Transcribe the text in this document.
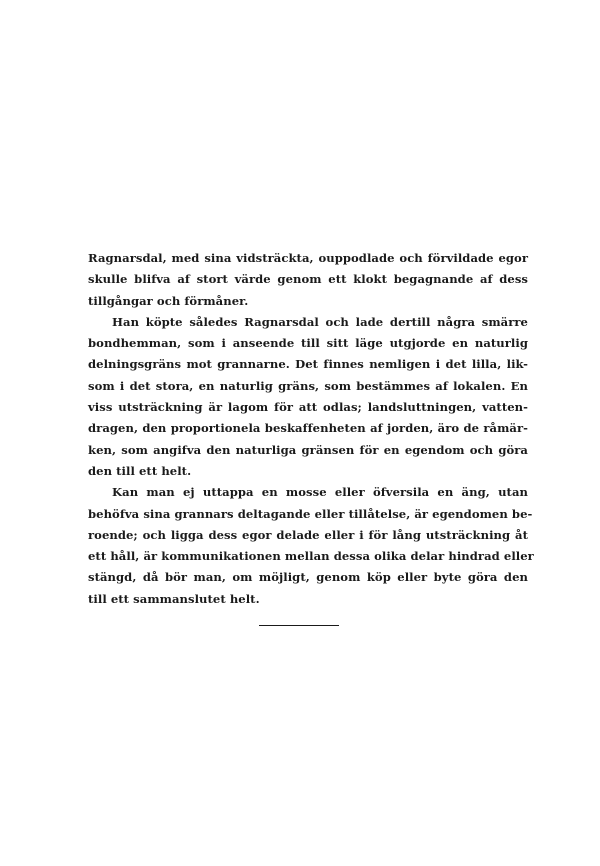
Ragnarsdal, med sina vidsträckta, ouppodlade och förvildade egor
skulle blifva af stort värde genom ett klokt begagnande af dess
tillgångar och förmåner.
Han köpte således Ragnarsdal och lade dertill några smärre
bondhemman, som i anseende till sitt läge utgjorde en naturlig
delningsgräns mot grannarne. Det finnes nemligen i det lilla, lik-
som i det stora, en naturlig gräns, som bestämmes af lokalen. En
viss utsträckning är lagom för att odlas; landsluttningen, vatten-
dragen, den proportionela beskaffenheten af jorden, äro de råmär-
ken, som angifva den naturliga gränsen för en egendom och göra
den till ett helt.
Kan man ej uttappa en mosse eller öfversila en äng, utan
behöfva sina grannars deltagande eller tillåtelse, är egendomen be-
roende; och ligga dess egor delade eller i för lång utsträckning åt
ett håll, är kommunikationen mellan dessa olika delar hindrad eller
stängd, då bör man, om möjligt, genom köp eller byte göra den
till ett sammanslutet helt.
